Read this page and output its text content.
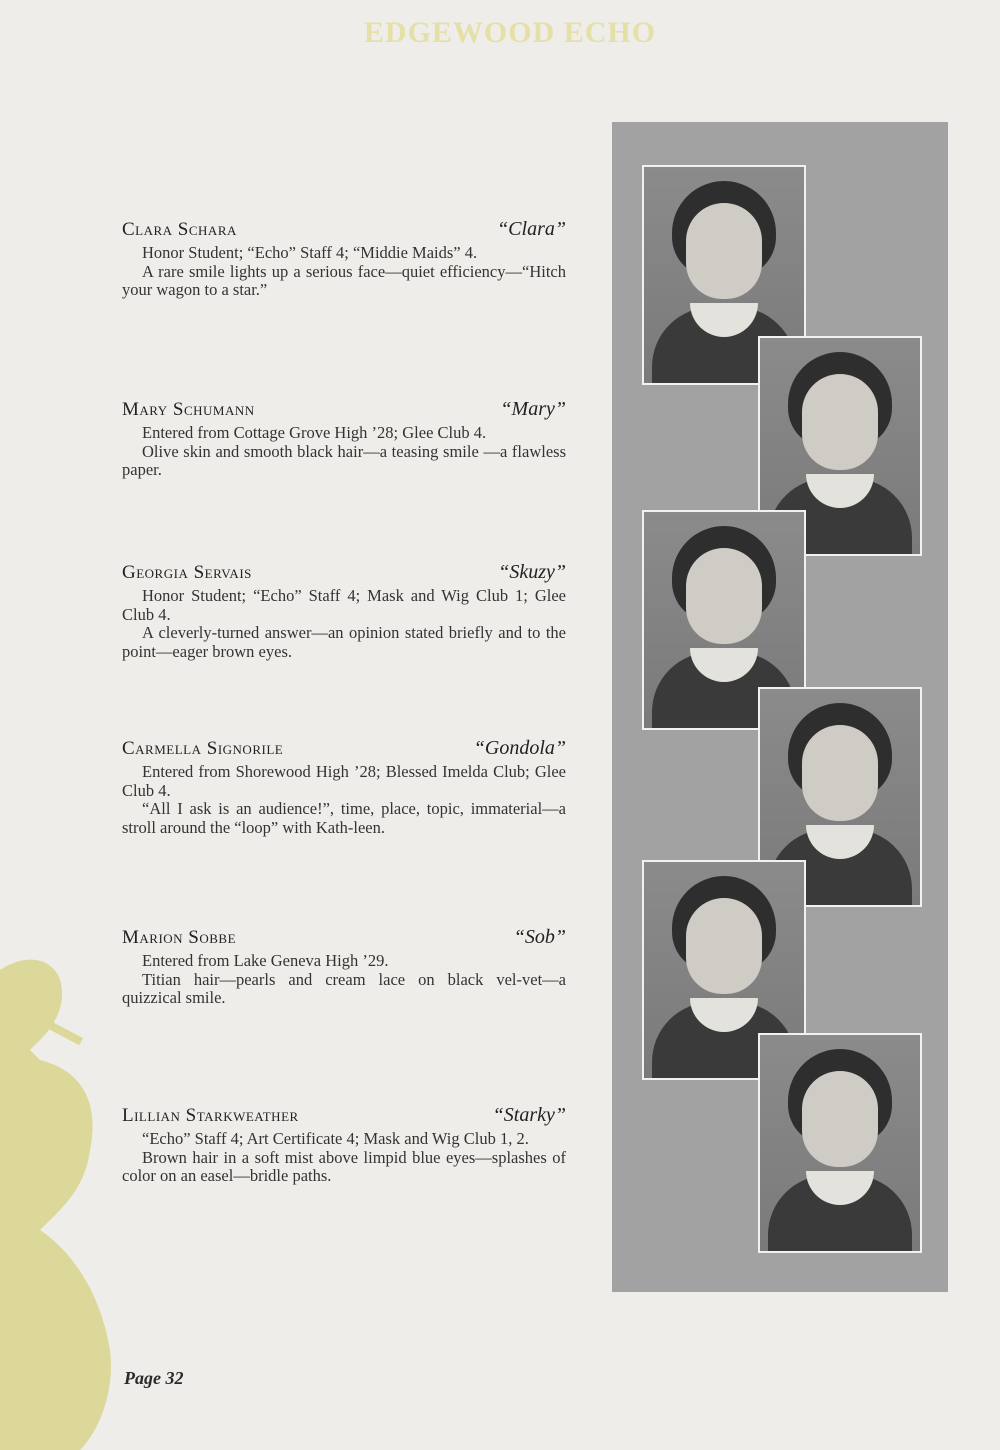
EDGEWOOD ECHO
Clara Schara	“Clara”

Honor Student; “Echo” Staff 4; “Middie Maids” 4.

A rare smile lights up a serious face—quiet efficiency—“Hitch your wagon to a star.”

Mary Schumann	“Mary”

Entered from Cottage Grove High ’28; Glee Club 4.

Olive skin and smooth black hair—a teasing smile —a flawless paper.

Georgia Servais	“Skuzy”

Honor Student; “Echo” Staff 4; Mask and Wig Club 1; Glee Club 4.

A cleverly-turned answer—an opinion stated briefly and to the point—eager brown eyes.

Carmella Signorile	“Gondola”

Entered from Shorewood High ’28; Blessed Imelda Club; Glee Club 4.

“All I ask is an audience!”, time, place, topic, immaterial—a stroll around the “loop” with Kath-leen.

Marion Sobbe	“Sob”

Entered from Lake Geneva High ’29.

Titian hair—pearls and cream lace on black vel-vet—a quizzical smile.

Lillian Starkweather	“Starky”

“Echo” Staff 4; Art Certificate 4; Mask and Wig Club 1, 2.

Brown hair in a soft mist above limpid blue eyes—splashes of color on an easel—bridle paths.

Page 32
